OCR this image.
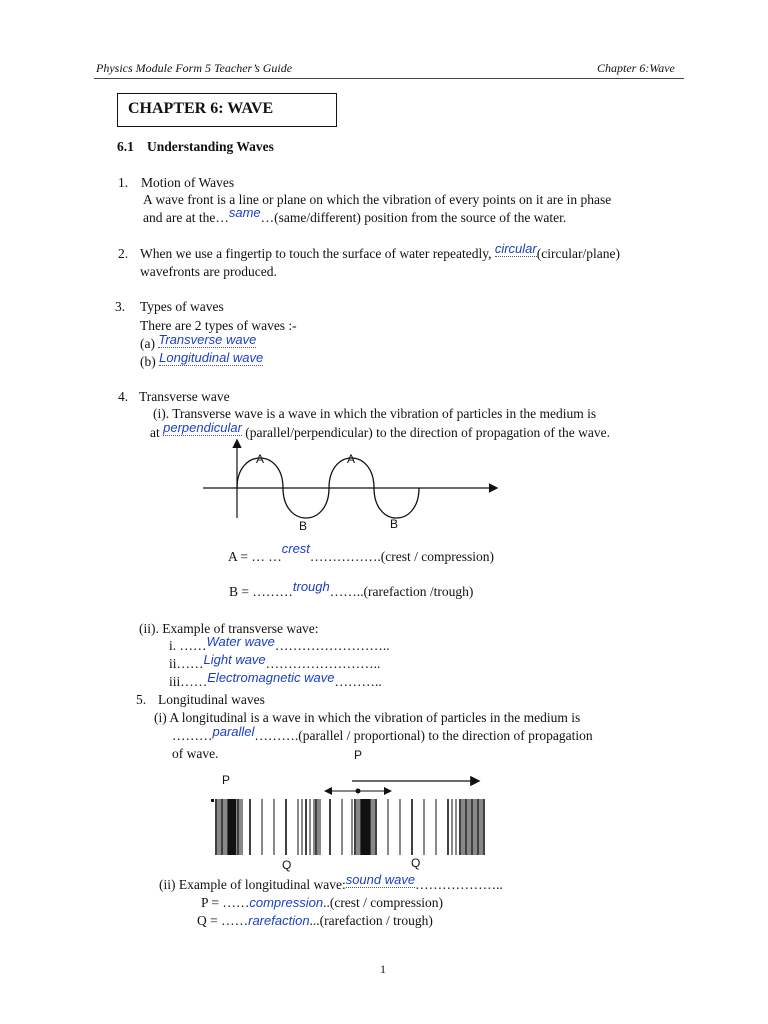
Physics Module Form 5 Teacher’s Guide	Chapter 6:Wave
CHAPTER 6: WAVE
6.1 Understanding Waves
1. Motion of Waves
A wave front is a line or plane on which the vibration of every points on it are in phase
and are at the…same…(same/different) position from the source of the water.
2. When we use a fingertip to touch the surface of water repeatedly, circular(circular/plane)
wavefronts are produced.
3. Types of waves
There are 2 types of waves :-
(a) Transverse wave
(b) Longitudinal wave
4. Transverse wave
(i). Transverse wave is a wave in which the vibration of particles in the medium is
at perpendicular (parallel/perpendicular) to the direction of propagation of the wave.
A	A
B	B
A = … …crest…………….(crest / compression)
B = ………trough……..(rarefaction /trough)
(ii). Example of transverse wave:
i. ……Water wave……………………..
ii……Light wave……………………..
iii……Electromagnetic wave………..
5. Longitudinal waves
(i) A longitudinal is a wave in which the vibration of particles in the medium is
………parallel……….(parallel / proportional) to the direction of propagation
of wave.
P
P
Q	Q
(ii) Example of longitudinal wave:sound wave………………..
P = ……compression..(crest / compression)
Q = ……rarefaction...(rarefaction / trough)
1
